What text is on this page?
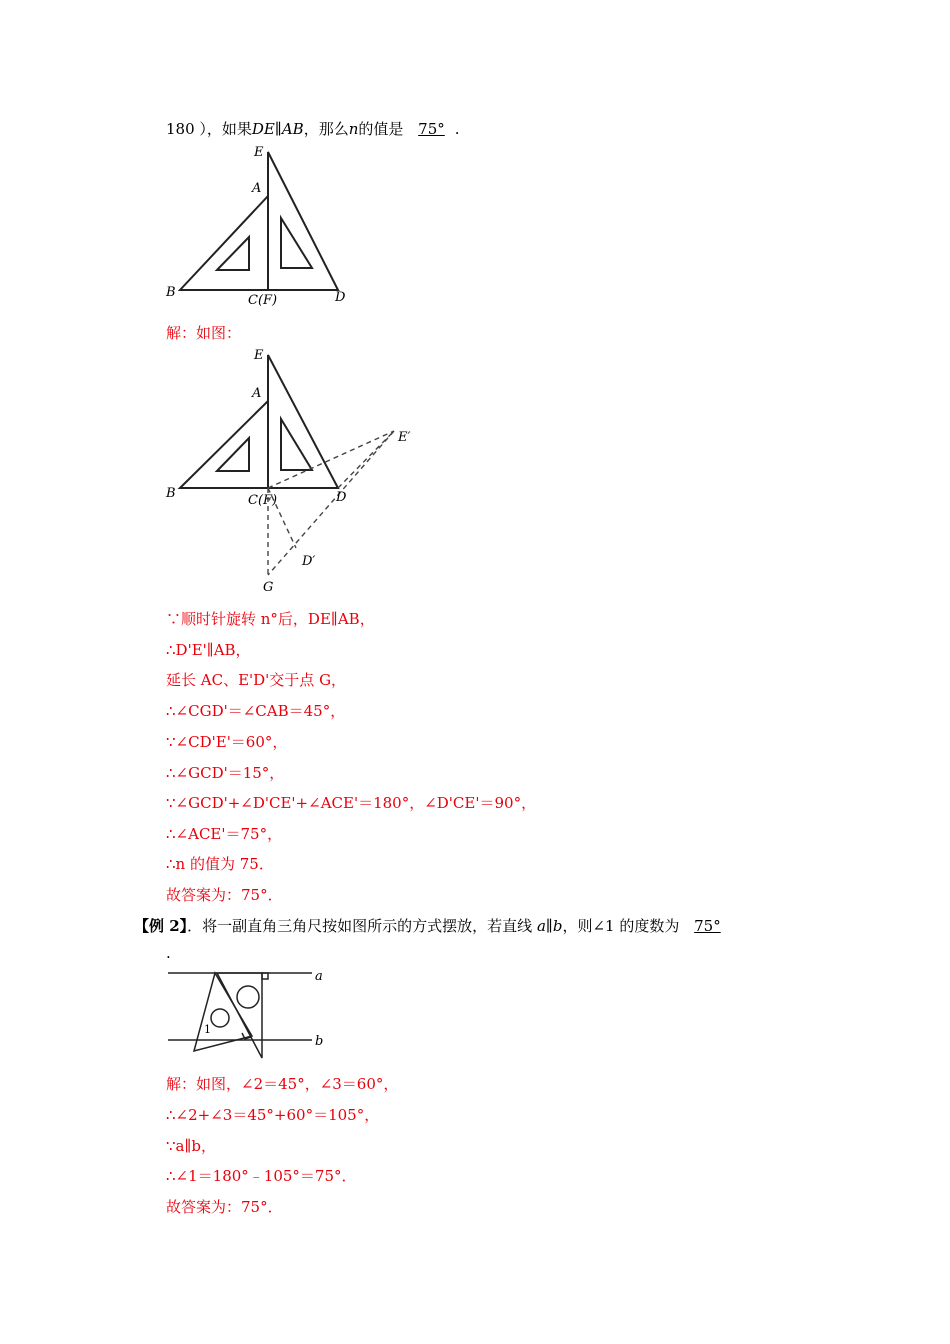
180 ），如果DE∥AB，那么n的值是 75° .
E
A
B
C(F)	D
解：如图：
E
A
B	C(F)	D
E′
D′
G
∵顺时针旋转 n°后，DE∥AB，
∴D'E'∥AB，
延长 AC、E'D'交于点 G，
∴∠CGD'＝∠CAB＝45°，
∵∠CD'E'＝60°，
∴∠GCD'＝15°，
∵∠GCD'+∠D'CE'+∠ACE'＝180°，∠D'CE'＝90°，
∴∠ACE'＝75°，
∴n 的值为 75．
故答案为：75°．
【例 2】．将一副直角三角尺按如图所示的方式摆放，若直线 a∥b，则∠1 的度数为 75°
.
a
b
1
解：如图，∠2＝45°，∠3＝60°，
∴∠2+∠3＝45°+60°＝105°，
∵a∥b，
∴∠1＝180°﹣105°＝75°．
故答案为：75°．
